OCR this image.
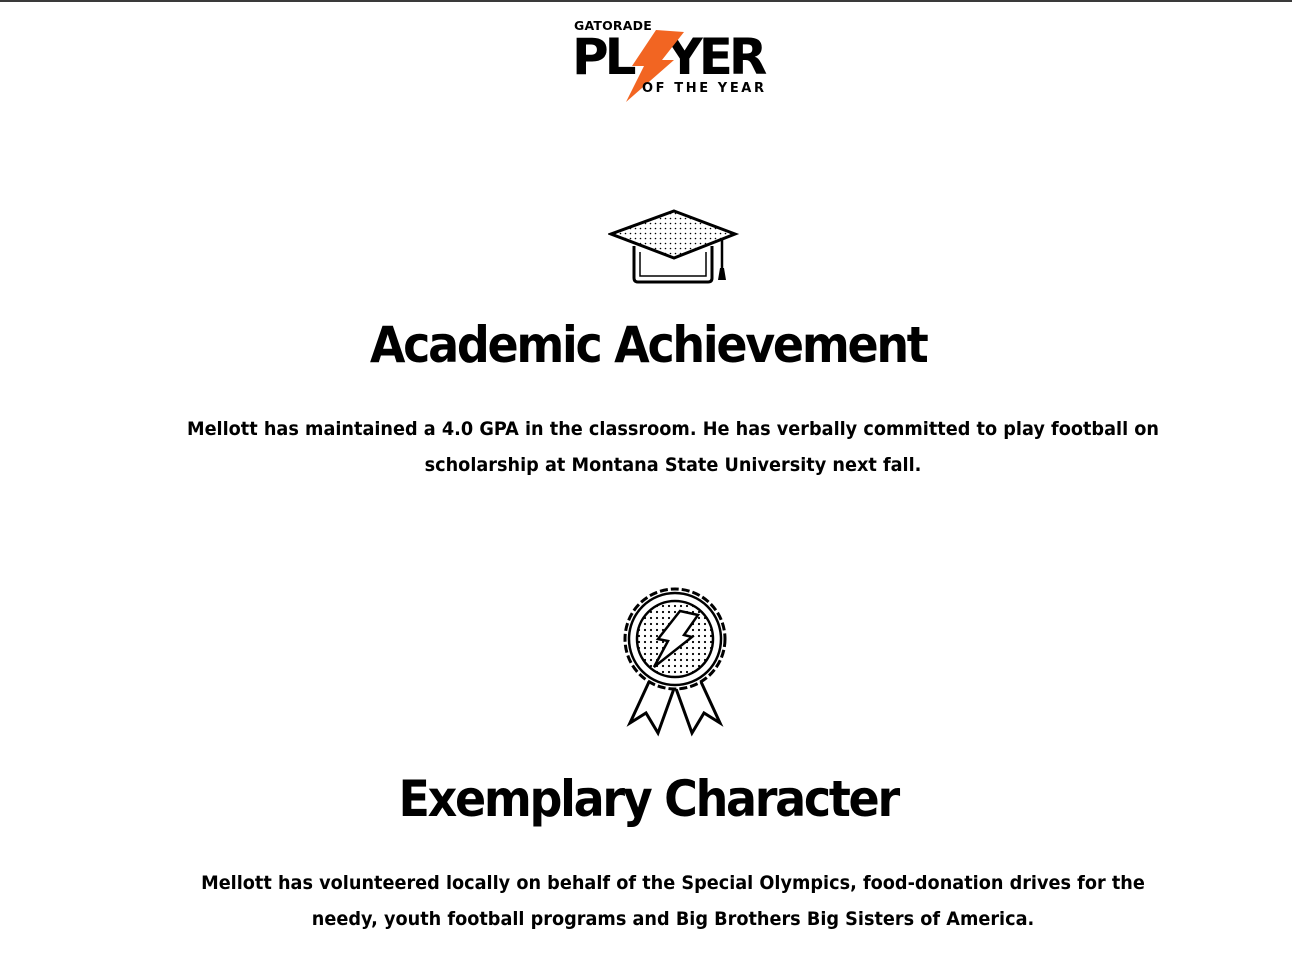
GATORADE
PL YER
OF THE YEAR
Academic Achievement

Mellott has maintained a 4.0 GPA in the classroom. He has verbally committed to play football on scholarship at Montana State University next fall.

Exemplary Character

Mellott has volunteered locally on behalf of the Special Olympics, food-donation drives for the needy, youth football programs and Big Brothers Big Sisters of America.
